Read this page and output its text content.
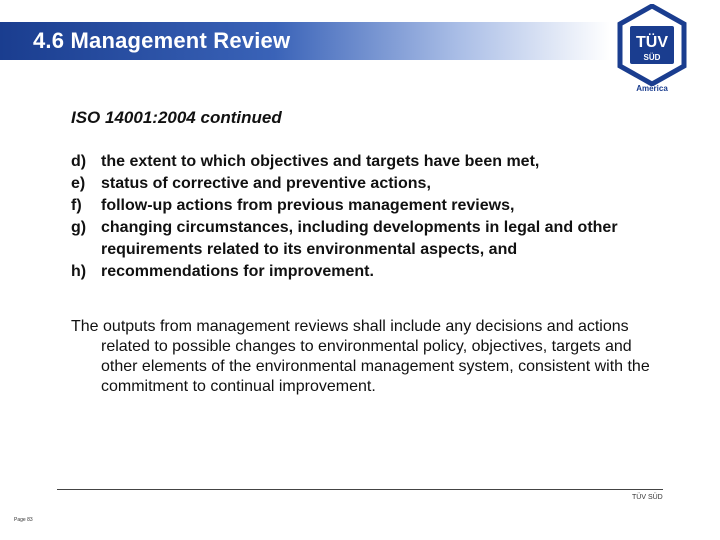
4.6 Management Review	TÜV
SÜD
America
ISO 14001:2004 continued
d) the extent to which objectives and targets have been met,
e) status of corrective and preventive actions,
f)	follow-up actions from previous management reviews,
g) changing circumstances, including developments in legal and other requirements related to its environmental aspects, and
h) recommendations for improvement.
The outputs from management reviews shall include any decisions and actions related to possible changes to environmental policy, objectives, targets and other elements of the environmental management system, consistent with the commitment to continual improvement.
TÜV SÜD
Page 83
